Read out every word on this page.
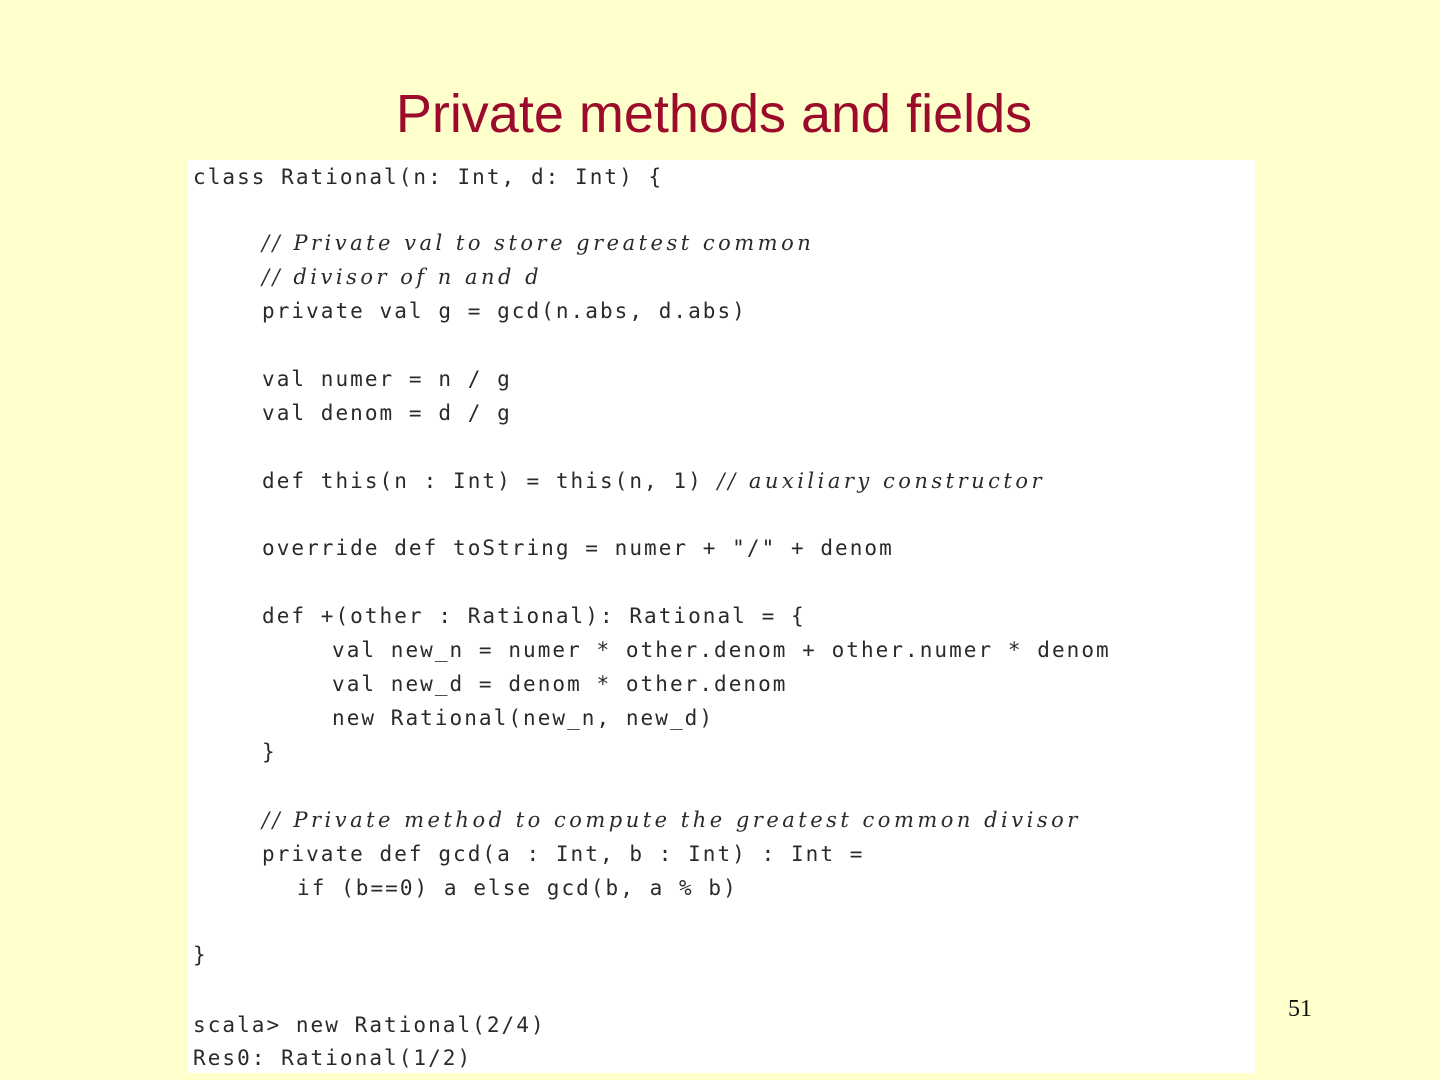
Private methods and fields
class Rational(n: Int, d: Int) {
// Private val to store greatest common
// divisor of n and d
private val g = gcd(n.abs, d.abs)
val numer = n / g
val denom = d / g
def this(n : Int) = this(n, 1) // auxiliary constructor
override def toString = numer + "/" + denom
def +(other : Rational): Rational = {
val new_n = numer * other.denom + other.numer * denom
val new_d = denom * other.denom
new Rational(new_n, new_d)
}
// Private method to compute the greatest common divisor
private def gcd(a : Int, b : Int) : Int =
if (b==0) a else gcd(b, a % b)
}
scala> new Rational(2/4)
Res0: Rational(1/2)
51
